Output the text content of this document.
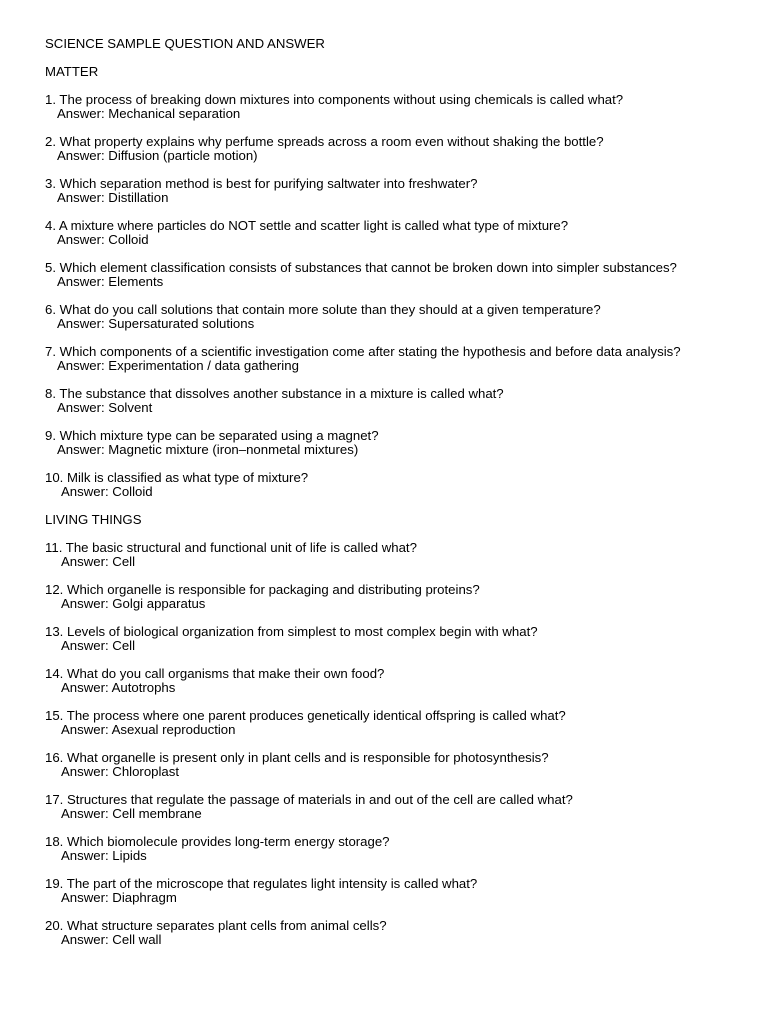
SCIENCE SAMPLE QUESTION AND ANSWER
MATTER
1. The process of breaking down mixtures into components without using chemicals is called what?
Answer: Mechanical separation
2. What property explains why perfume spreads across a room even without shaking the bottle?
Answer: Diffusion (particle motion)
3. Which separation method is best for purifying saltwater into freshwater?
Answer: Distillation
4. A mixture where particles do NOT settle and scatter light is called what type of mixture?
Answer: Colloid
5. Which element classification consists of substances that cannot be broken down into simpler substances?
Answer: Elements
6. What do you call solutions that contain more solute than they should at a given temperature?
Answer: Supersaturated solutions
7. Which components of a scientific investigation come after stating the hypothesis and before data analysis?
Answer: Experimentation / data gathering
8. The substance that dissolves another substance in a mixture is called what?
Answer: Solvent
9. Which mixture type can be separated using a magnet?
Answer: Magnetic mixture (iron–nonmetal mixtures)
10. Milk is classified as what type of mixture?
Answer: Colloid
LIVING THINGS
11. The basic structural and functional unit of life is called what?
Answer: Cell
12. Which organelle is responsible for packaging and distributing proteins?
Answer: Golgi apparatus
13. Levels of biological organization from simplest to most complex begin with what?
Answer: Cell
14. What do you call organisms that make their own food?
Answer: Autotrophs
15. The process where one parent produces genetically identical offspring is called what?
Answer: Asexual reproduction
16. What organelle is present only in plant cells and is responsible for photosynthesis?
Answer: Chloroplast
17. Structures that regulate the passage of materials in and out of the cell are called what?
Answer: Cell membrane
18. Which biomolecule provides long-term energy storage?
Answer: Lipids
19. The part of the microscope that regulates light intensity is called what?
Answer: Diaphragm
20. What structure separates plant cells from animal cells?
Answer: Cell wall
